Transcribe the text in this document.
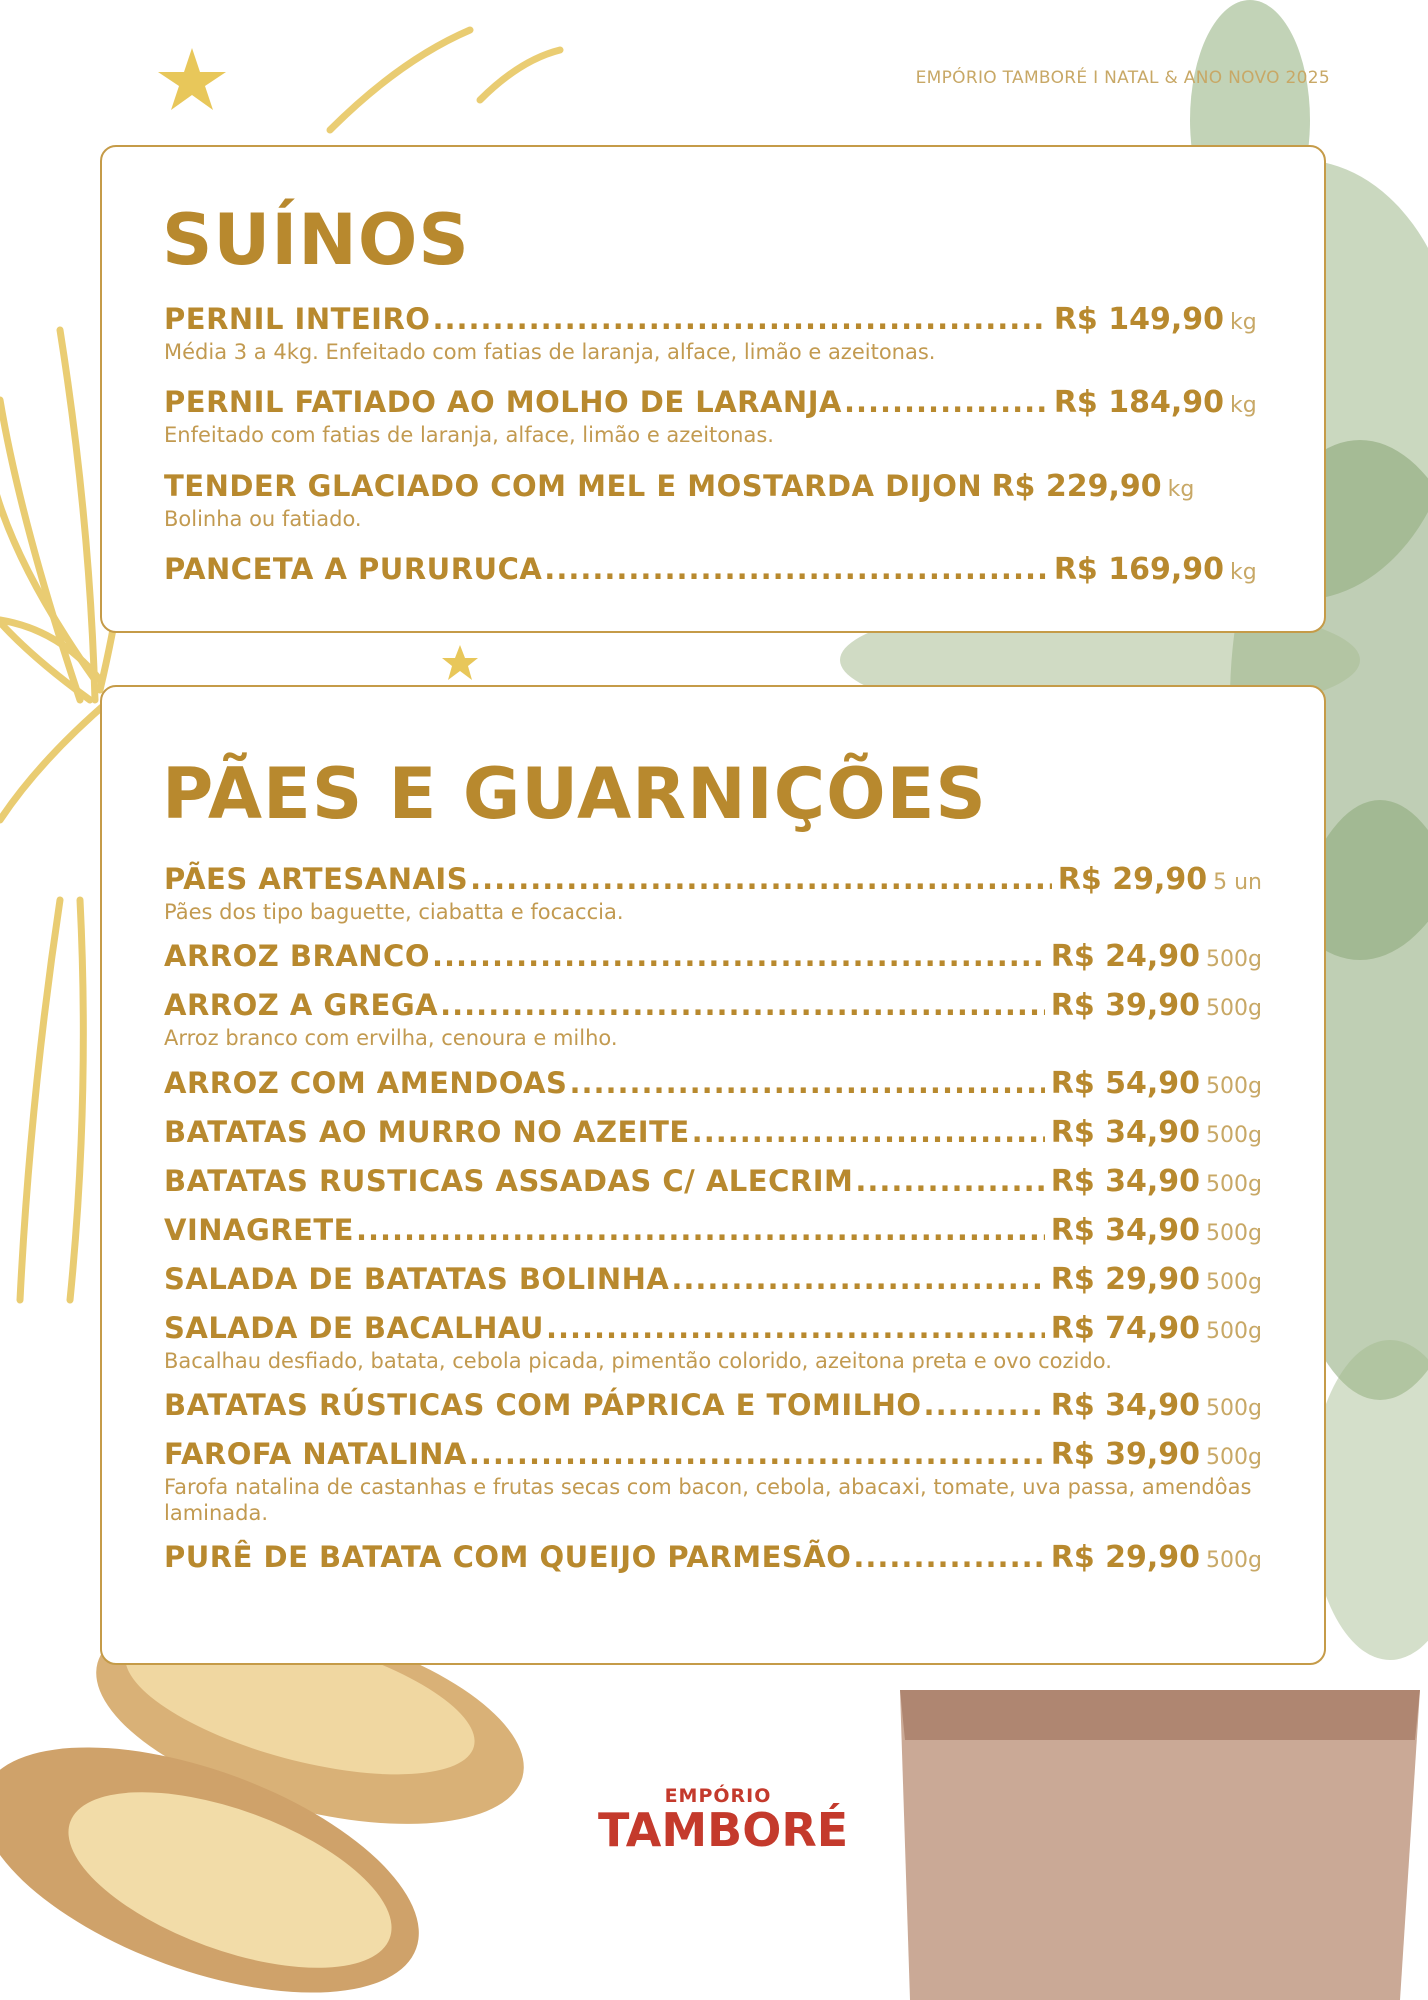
EMPÓRIO TAMBORÉ I NATAL & ANO NOVO 2025
SUÍNOS
PERNIL INTEIRO .....	R$ 149,90 kg
Média 3 a 4kg. Enfeitado com fatias de laranja, alface, limão e azeitonas.
PERNIL FATIADO AO MOLHO DE LARANJA .....	R$ 184,90 kg
Enfeitado com fatias de laranja, alface, limão e azeitonas.
TENDER GLACIADO COM MEL E MOSTARDA DIJON ..... R$ 229,90 kg
Bolinha ou fatiado.
PANCETA A PURURUCA .....	R$ 169,90 kg
PÃES E GUARNIÇÕES
PÃES ARTESANAIS .....	R$ 29,90 5 un
Pães dos tipo baguette, ciabatta e focaccia.
ARROZ BRANCO .....	R$ 24,90 500g
ARROZ A GREGA .....	R$ 39,90 500g
Arroz branco com ervilha, cenoura e milho.
ARROZ COM AMENDOAS .....	R$ 54,90 500g
BATATAS AO MURRO NO AZEITE .....	R$ 34,90 500g
BATATAS RUSTICAS ASSADAS C/ ALECRIM .....	R$ 34,90 500g
VINAGRETE .....	R$ 34,90 500g
SALADA DE BATATAS BOLINHA .....	R$ 29,90 500g
SALADA DE BACALHAU .....	R$ 74,90 500g
Bacalhau desfiado, batata, cebola picada, pimentão colorido, azeitona preta e ovo cozido.
BATATAS RÚSTICAS COM PÁPRICA E TOMILHO .....	R$ 34,90 500g
FAROFA NATALINA .....	R$ 39,90 500g
Farofa natalina de castanhas e frutas secas com bacon, cebola, abacaxi, tomate, uva passa, amendôas laminada.
PURÊ DE BATATA COM QUEIJO PARMESÃO .....	R$ 29,90 500g
EMPÓRIO
TAMBORÉ
